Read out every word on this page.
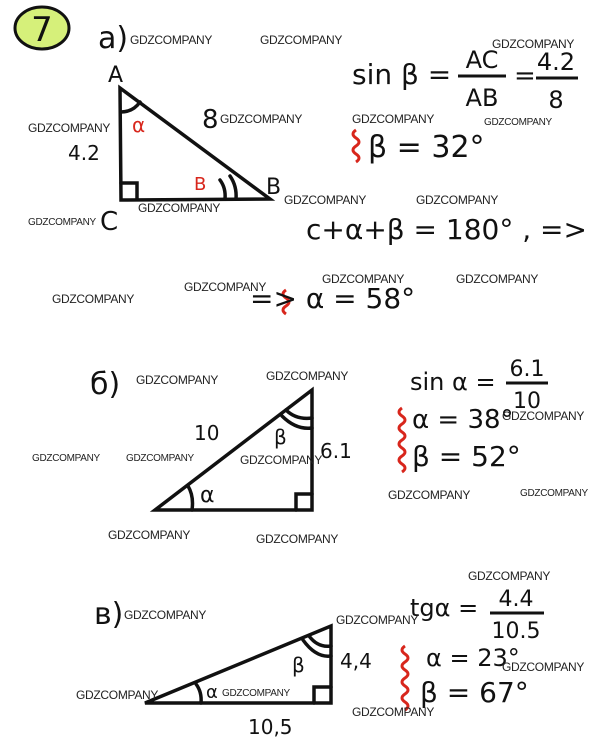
7 a)
A
B
C
4.2
8
α
B
sin β = AC
AB
= 4.2
8
β = 32°
c+α+β = 180° , =>
=> α = 58°
б)
10
6.1
β
α
sin α = 6.1
10
α = 38°
β = 52°
в)
4,4
10,5
β
α
tgα = 4.4
10.5
α = 23°
β = 67°
GDZCOMPANY	GDZCOMPANY	GDZCOMPANY
GDZCOMPANY
GDZCOMPANY	GDZCOMPANY	GDZCOMPANY
GDZCOMPANY	GDZCOMPANY
GDZCOMPANY
GDZCOMPANY
GDZCOMPANY	GDZCOMPANY
GDZCOMPANY
GDZCOMPANY
GDZCOMPANY	GDZCOMPANY
GDZCOMPANY
GDZCOMPANY	GDZCOMPANY	GDZCOMPANY
GDZCOMPANY	GDZCOMPANY
GDZCOMPANY	GDZCOMPANY
GDZCOMPANY
GDZCOMPANY	GDZCOMPANY
GDZCOMPANY
GDZCOMPANY	GDZCOMPANY
GDZCOMPANY
